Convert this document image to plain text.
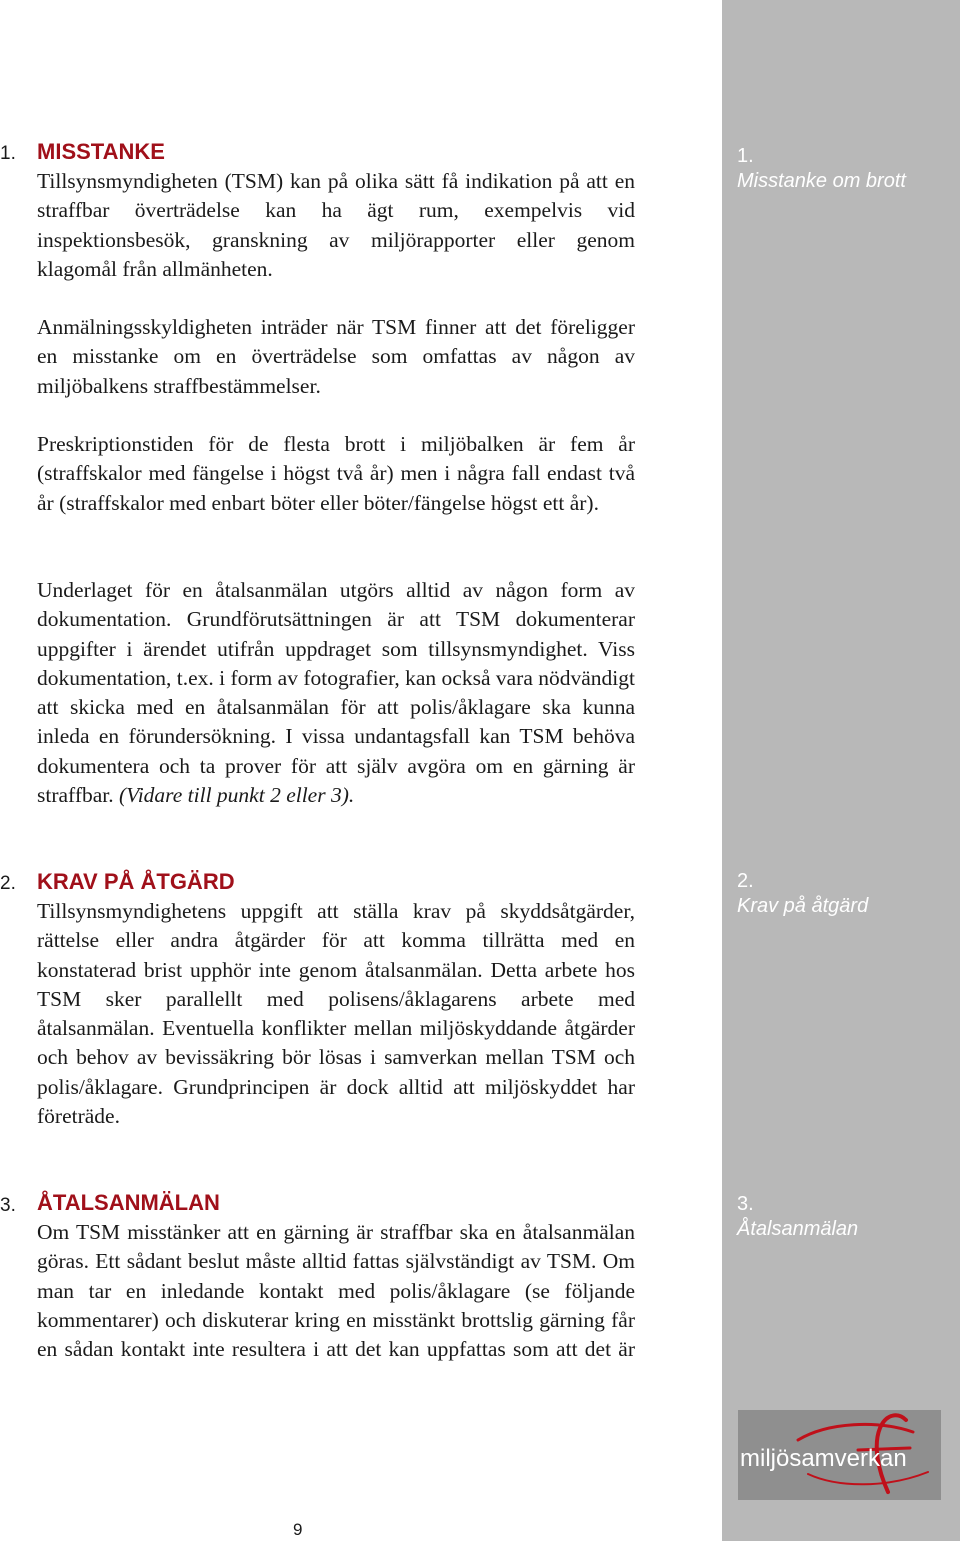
1.
Misstanke om brott
2.
Krav på åtgärd
3.
Åtalsanmälan
miljösamverkan
1. MISSTANKE

Tillsynsmyndigheten (TSM) kan på olika sätt få indikation på att en straffbar överträdelse kan ha ägt rum, exempelvis vid inspektionsbesök, granskning av miljörapporter eller genom klagomål från allmänheten.

Anmälningsskyldigheten inträder när TSM finner att det föreligger en misstanke om en överträdelse som omfattas av någon av miljöbalkens straffbestämmelser.

Preskriptionstiden för de flesta brott i miljöbalken är fem år (straffskalor med fängelse i högst två år) men i några fall endast två år (straffskalor med enbart böter eller böter/fängelse högst ett år).

Underlaget för en åtalsanmälan utgörs alltid av någon form av dokumentation. Grundförutsättningen är att TSM dokumenterar uppgifter i ärendet utifrån uppdraget som tillsynsmyndighet. Viss dokumentation, t.ex. i form av fotografier, kan också vara nödvändigt att skicka med en åtalsanmälan för att polis/åklagare ska kunna inleda en förundersökning. I vissa undantagsfall kan TSM behöva dokumentera och ta prover för att själv avgöra om en gärning är straffbar. (Vidare till punkt 2 eller 3).

2. KRAV PÅ ÅTGÄRD

Tillsynsmyndighetens uppgift att ställa krav på skyddsåtgärder, rättelse eller andra åtgärder för att komma tillrätta med en konstaterad brist upphör inte genom åtalsanmälan. Detta arbete hos TSM sker parallellt med polisens/åklagarens arbete med åtalsanmälan. Eventuella konflikter mellan miljöskyddande åtgärder och behov av bevissäkring bör lösas i samverkan mellan TSM och polis/åklagare. Grundprincipen är dock alltid att miljöskyddet har företräde.

3. ÅTALSANMÄLAN

Om TSM misstänker att en gärning är straffbar ska en åtalsanmälan göras. Ett sådant beslut måste alltid fattas självständigt av TSM. Om man tar en inledande kontakt med polis/åklagare (se följande kommentarer) och diskuterar kring en misstänkt brottslig gärning får en sådan kontakt inte resultera i att det kan uppfattas som att det är

9
